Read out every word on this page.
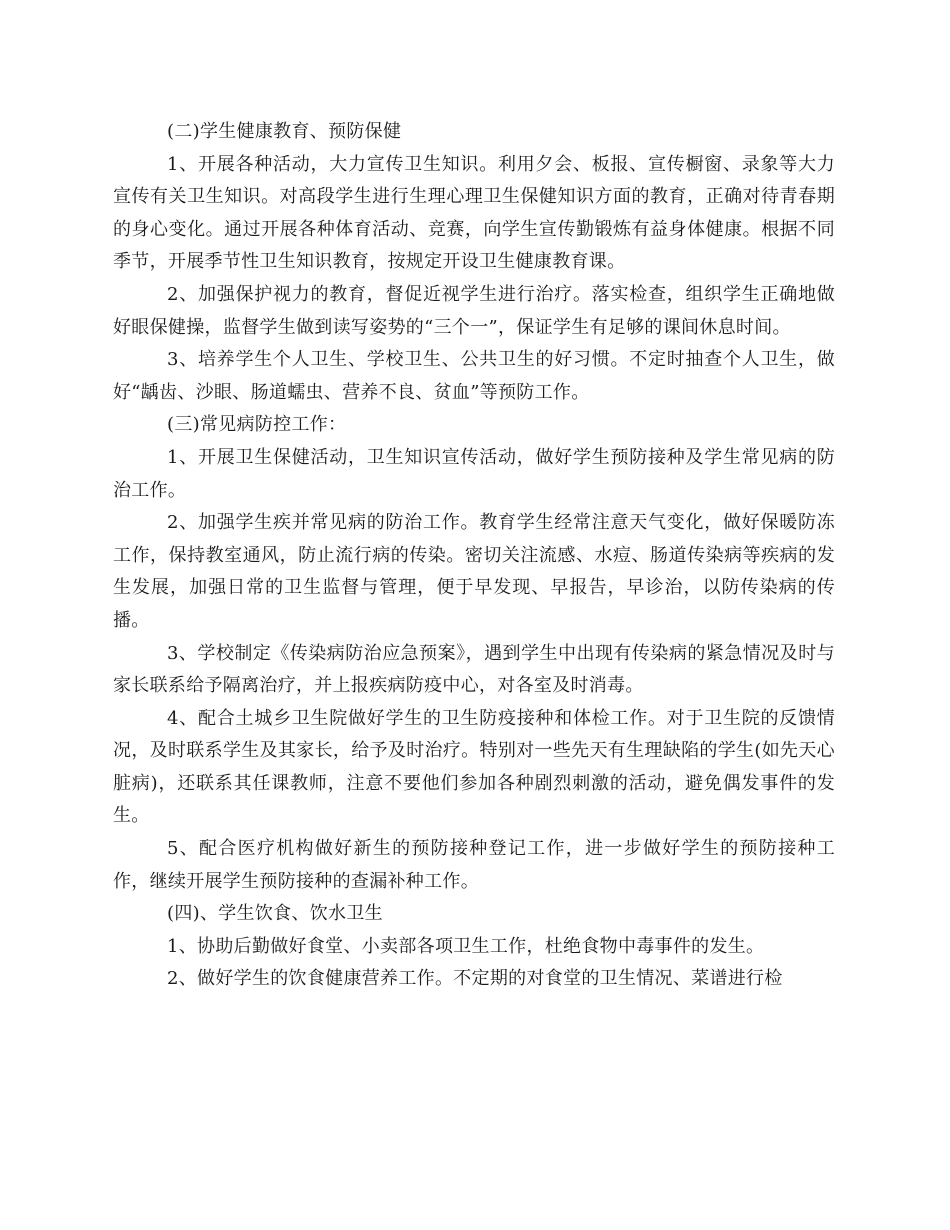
(二)学生健康教育、预防保健

1、开展各种活动，大力宣传卫生知识。利用夕会、板报、宣传橱窗、录象等大力宣传有关卫生知识。对高段学生进行生理心理卫生保健知识方面的教育，正确对待青春期的身心变化。通过开展各种体育活动、竞赛，向学生宣传勤锻炼有益身体健康。根据不同季节，开展季节性卫生知识教育，按规定开设卫生健康教育课。

2、加强保护视力的教育，督促近视学生进行治疗。落实检查，组织学生正确地做好眼保健操，监督学生做到读写姿势的“三个一”，保证学生有足够的课间休息时间。

3、培养学生个人卫生、学校卫生、公共卫生的好习惯。不定时抽查个人卫生，做好“龋齿、沙眼、肠道蠕虫、营养不良、贫血”等预防工作。

(三)常见病防控工作：

1、开展卫生保健活动，卫生知识宣传活动，做好学生预防接种及学生常见病的防治工作。

2、加强学生疾并常见病的防治工作。教育学生经常注意天气变化，做好保暖防冻工作，保持教室通风，防止流行病的传染。密切关注流感、水痘、肠道传染病等疾病的发生发展，加强日常的卫生监督与管理，便于早发现、早报告，早诊治，以防传染病的传播。

3、学校制定《传染病防治应急预案》，遇到学生中出现有传染病的紧急情况及时与家长联系给予隔离治疗，并上报疾病防疫中心，对各室及时消毒。

4、配合土城乡卫生院做好学生的卫生防疫接种和体检工作。对于卫生院的反馈情况，及时联系学生及其家长，给予及时治疗。特别对一些先天有生理缺陷的学生(如先天心脏病)，还联系其任课教师，注意不要他们参加各种剧烈刺激的活动，避免偶发事件的发生。

5、配合医疗机构做好新生的预防接种登记工作，进一步做好学生的预防接种工作，继续开展学生预防接种的查漏补种工作。

(四)、学生饮食、饮水卫生

1、协助后勤做好食堂、小卖部各项卫生工作，杜绝食物中毒事件的发生。

2、做好学生的饮食健康营养工作。不定期的对食堂的卫生情况、菜谱进行检
